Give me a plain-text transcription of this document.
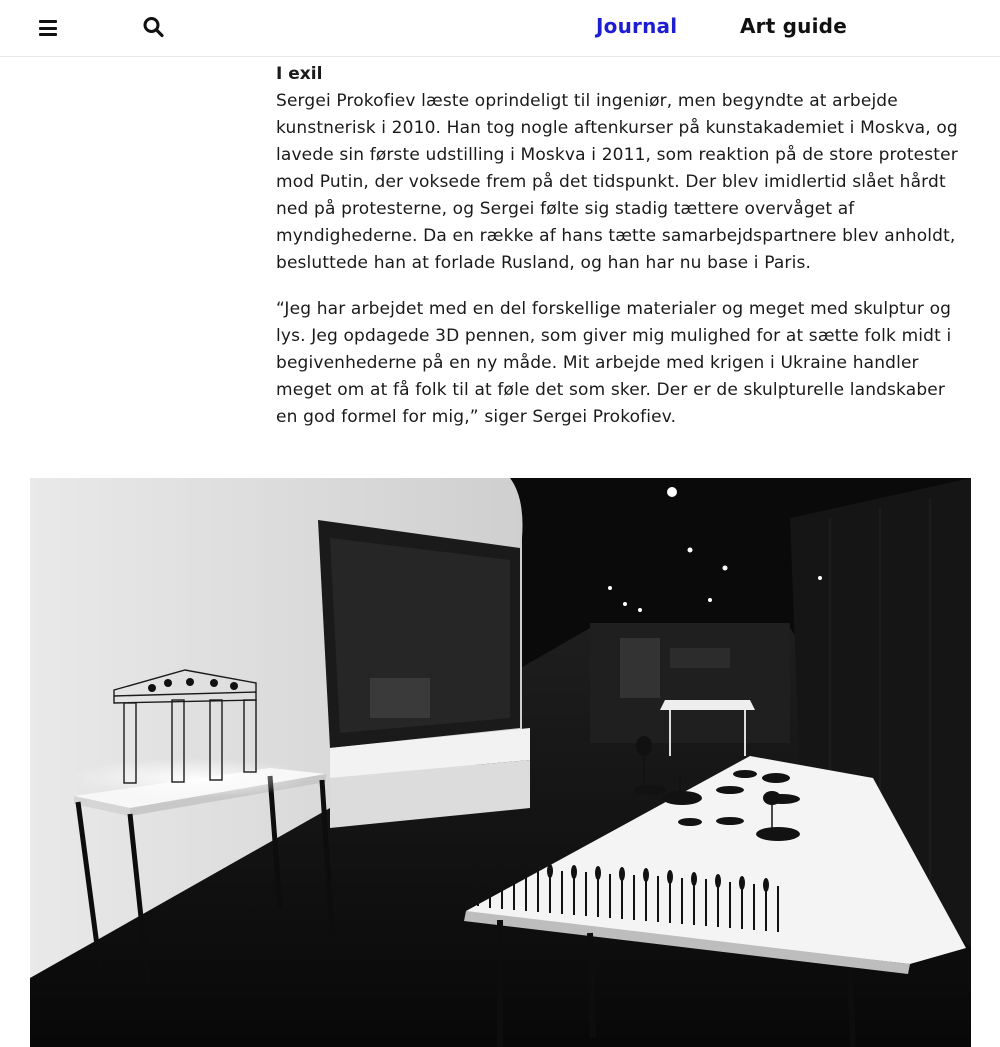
Journal	Art guide

I exil

Sergei Prokofiev læste oprindeligt til ingeniør, men begyndte at arbejde kunstnerisk i 2010. Han tog nogle aftenkurser på kunstakademiet i Moskva, og lavede sin første udstilling i Moskva i 2011, som reaktion på de store protester mod Putin, der voksede frem på det tidspunkt. Der blev imidlertid slået hårdt ned på protesterne, og Sergei følte sig stadig tættere overvåget af myndighederne. Da en række af hans tætte samarbejdspartnere blev anholdt, besluttede han at forlade Rusland, og han har nu base i Paris.

“Jeg har arbejdet med en del forskellige materialer og meget med skulptur og lys. Jeg opdagede 3D pennen, som giver mig mulighed for at sætte folk midt i begivenhederne på en ny måde. Mit arbejde med krigen i Ukraine handler meget om at få folk til at føle det som sker. Der er de skulpturelle landskaber en god formel for mig,” siger Sergei Prokofiev.
